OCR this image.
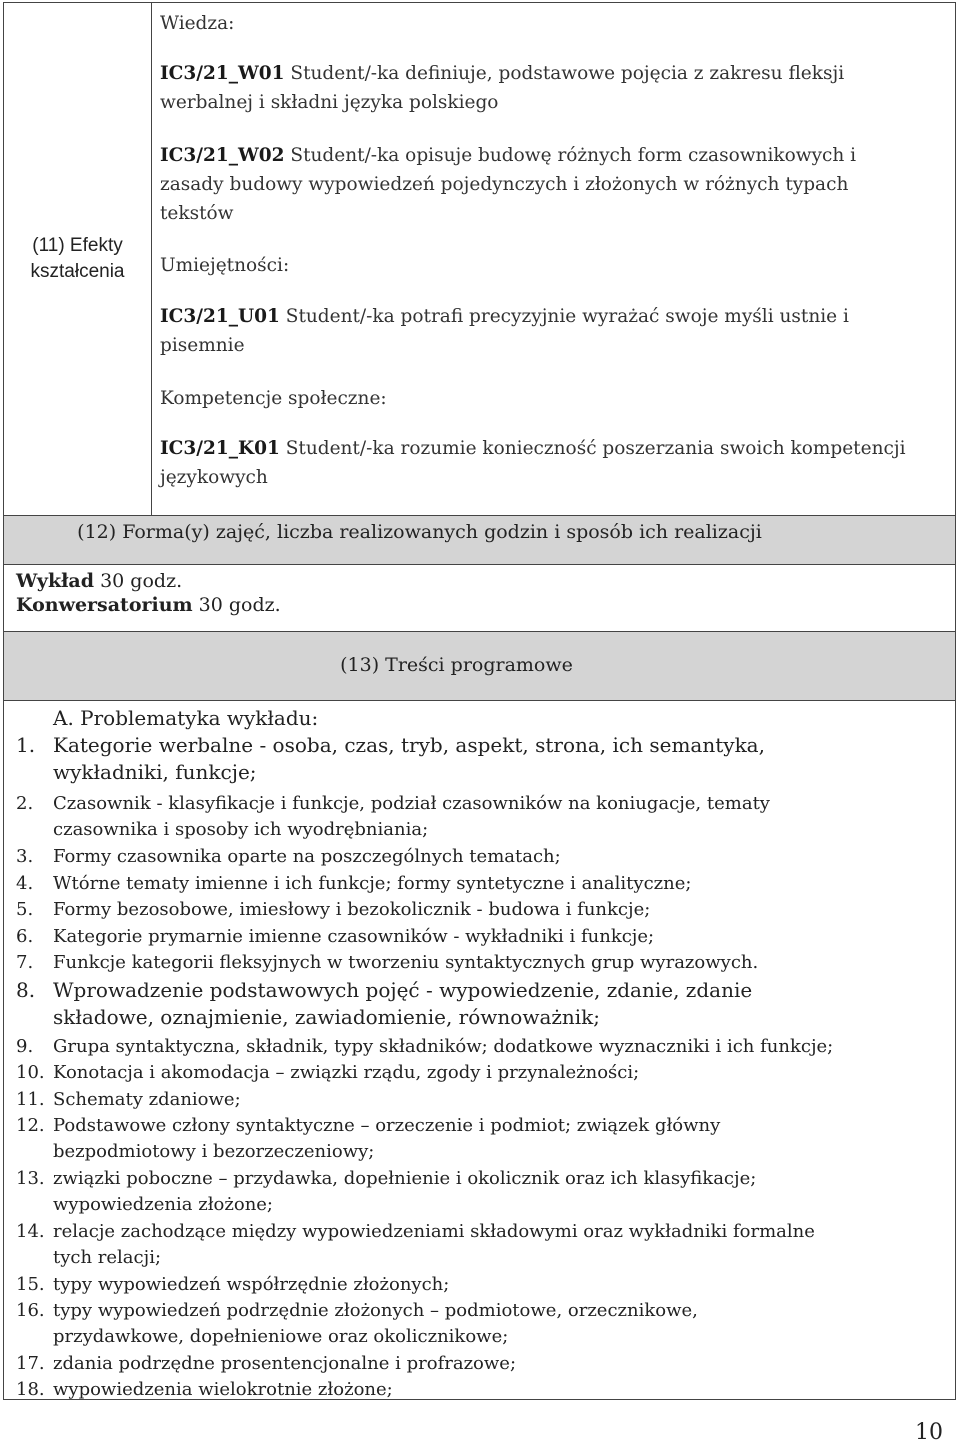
(11) Efekty
kształcenia
Wiedza:
IC3/21_W01 Student/-ka definiuje, podstawowe pojęcia z zakresu fleksji
werbalnej i składni języka polskiego
IC3/21_W02 Student/-ka opisuje budowę różnych form czasownikowych i
zasady budowy wypowiedzeń pojedynczych i złożonych w różnych typach
tekstów
Umiejętności:
IC3/21_U01 Student/-ka potrafi precyzyjnie wyrażać swoje myśli ustnie i
pisemnie
Kompetencje społeczne:
IC3/21_K01 Student/-ka rozumie konieczność poszerzania swoich kompetencji
językowych
(12) Forma(y) zajęć, liczba realizowanych godzin i sposób ich realizacji
Wykład 30 godz.
Konwersatorium 30 godz.
(13) Treści programowe
A. Problematyka wykładu:
1. Kategorie werbalne - osoba, czas, tryb, aspekt, strona, ich semantyka,
wykładniki, funkcje;
2. Czasownik - klasyfikacje i funkcje, podział czasowników na koniugacje, tematy
czasownika i sposoby ich wyodrębniania;
3. Formy czasownika oparte na poszczególnych tematach;
4. Wtórne tematy imienne i ich funkcje; formy syntetyczne i analityczne;
5. Formy bezosobowe, imiesłowy i bezokolicznik - budowa i funkcje;
6. Kategorie prymarnie imienne czasowników - wykładniki i funkcje;
7. Funkcje kategorii fleksyjnych w tworzeniu syntaktycznych grup wyrazowych.
8. Wprowadzenie podstawowych pojęć - wypowiedzenie, zdanie, zdanie
składowe, oznajmienie, zawiadomienie, równoważnik;
9. Grupa syntaktyczna, składnik, typy składników; dodatkowe wyznaczniki i ich funkcje;
10. Konotacja i akomodacja – związki rządu, zgody i przynależności;
11. Schematy zdaniowe;
12. Podstawowe człony syntaktyczne – orzeczenie i podmiot; związek główny
bezpodmiotowy i bezorzeczeniowy;
13. związki poboczne – przydawka, dopełnienie i okolicznik oraz ich klasyfikacje;
wypowiedzenia złożone;
14. relacje zachodzące między wypowiedzeniami składowymi oraz wykładniki formalne
tych relacji;
15. typy wypowiedzeń współrzędnie złożonych;
16. typy wypowiedzeń podrzędnie złożonych – podmiotowe, orzecznikowe,
przydawkowe, dopełnieniowe oraz okolicznikowe;
17. zdania podrzędne prosentencjonalne i profrazowe;
18. wypowiedzenia wielokrotnie złożone;
10
